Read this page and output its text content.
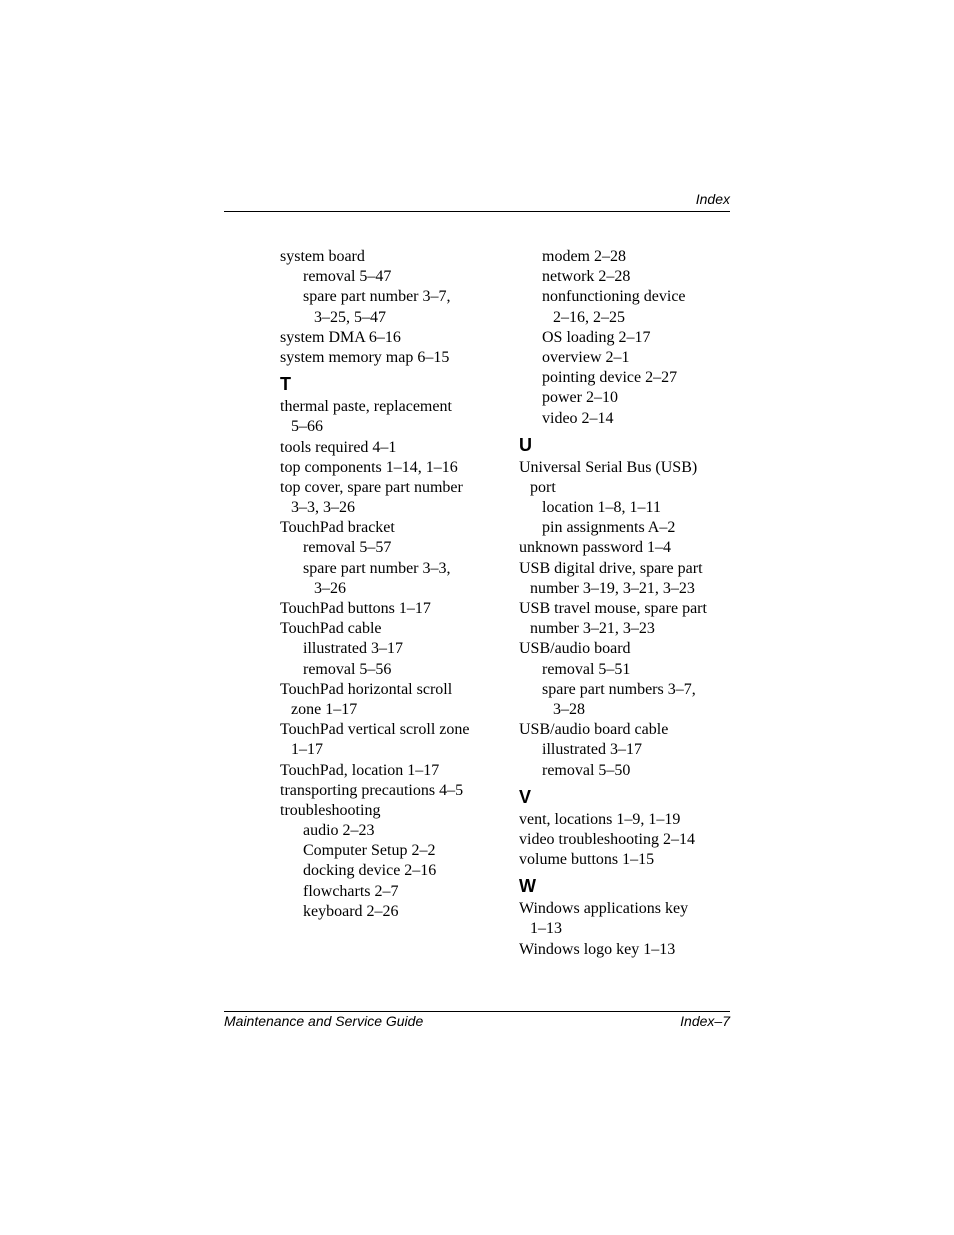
Index
system board
removal 5–47
spare part number 3–7,
3–25, 5–47
system DMA 6–16
system memory map 6–15
T
thermal paste, replacement
5–66
tools required 4–1
top components 1–14, 1–16
top cover, spare part number
3–3, 3–26
TouchPad bracket
removal 5–57
spare part number 3–3,
3–26
TouchPad buttons 1–17
TouchPad cable
illustrated 3–17
removal 5–56
TouchPad horizontal scroll
zone 1–17
TouchPad vertical scroll zone
1–17
TouchPad, location 1–17
transporting precautions 4–5
troubleshooting
audio 2–23
Computer Setup 2–2
docking device 2–16
flowcharts 2–7
keyboard 2–26
modem 2–28
network 2–28
nonfunctioning device
2–16, 2–25
OS loading 2–17
overview 2–1
pointing device 2–27
power 2–10
video 2–14
U
Universal Serial Bus (USB)
port
location 1–8, 1–11
pin assignments A–2
unknown password 1–4
USB digital drive, spare part
number 3–19, 3–21, 3–23
USB travel mouse, spare part
number 3–21, 3–23
USB/audio board
removal 5–51
spare part numbers 3–7,
3–28
USB/audio board cable
illustrated 3–17
removal 5–50
V
vent, locations 1–9, 1–19
video troubleshooting 2–14
volume buttons 1–15
W
Windows applications key
1–13
Windows logo key 1–13
Maintenance and Service Guide	Index–7
